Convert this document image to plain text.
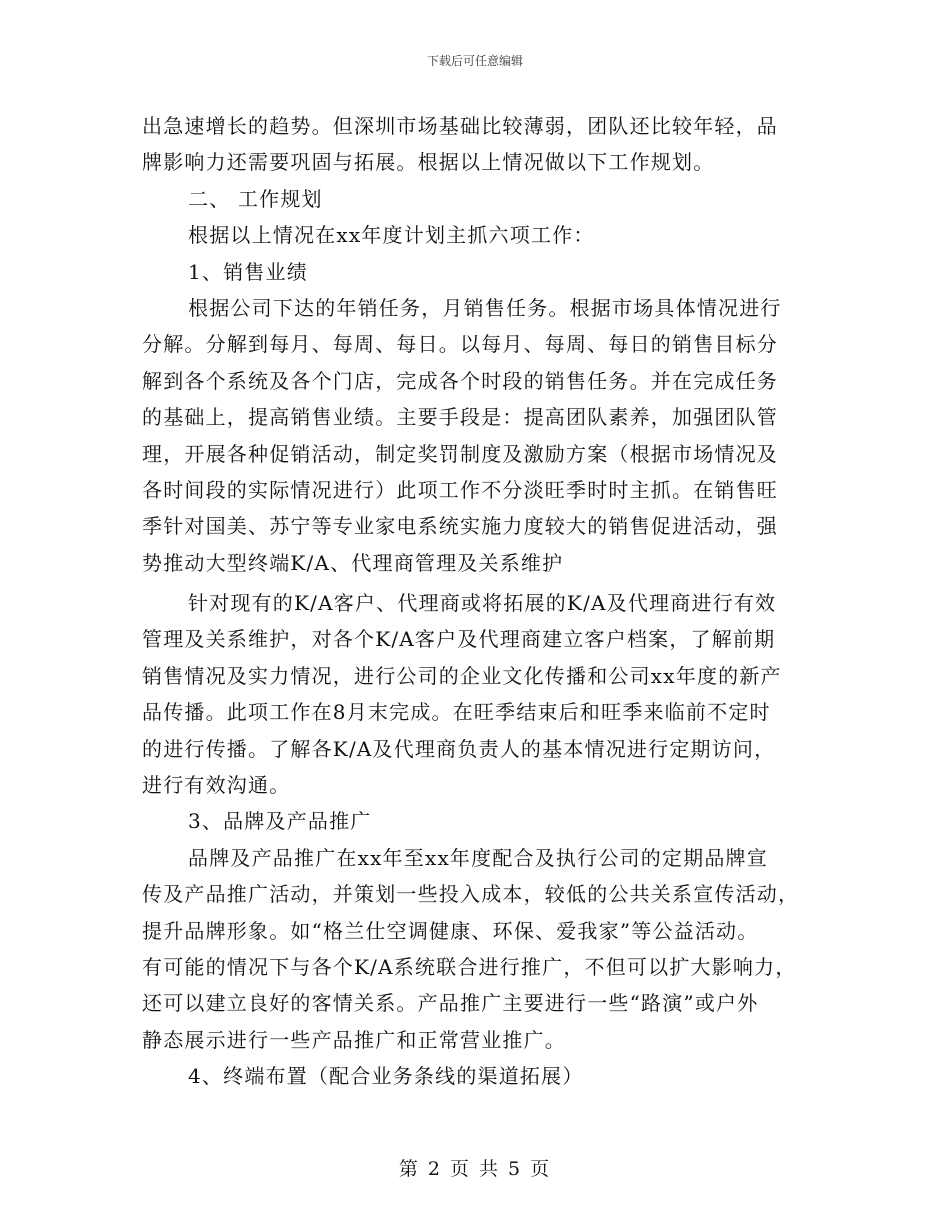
下载后可任意编辑
出急速增长的趋势。但深圳市场基础比较薄弱，团队还比较年轻，品
牌影响力还需要巩固与拓展。根据以上情况做以下工作规划。
二、 工作规划
根据以上情况在xx年度计划主抓六项工作：
1、销售业绩
根据公司下达的年销任务，月销售任务。根据市场具体情况进行
分解。分解到每月、每周、每日。以每月、每周、每日的销售目标分
解到各个系统及各个门店，完成各个时段的销售任务。并在完成任务
的基础上，提高销售业绩。主要手段是：提高团队素养，加强团队管
理，开展各种促销活动，制定奖罚制度及激励方案（根据市场情况及
各时间段的实际情况进行）此项工作不分淡旺季时时主抓。在销售旺
季针对国美、苏宁等专业家电系统实施力度较大的销售促进活动，强
势推动大型终端K/A、代理商管理及关系维护
针对现有的K/A客户、代理商或将拓展的K/A及代理商进行有效
管理及关系维护，对各个K/A客户及代理商建立客户档案，了解前期
销售情况及实力情况，进行公司的企业文化传播和公司xx年度的新产
品传播。此项工作在8月末完成。在旺季结束后和旺季来临前不定时
的进行传播。了解各K/A及代理商负责人的基本情况进行定期访问，
进行有效沟通。
3、品牌及产品推广
品牌及产品推广在xx年至xx年度配合及执行公司的定期品牌宣
传及产品推广活动，并策划一些投入成本，较低的公共关系宣传活动，
提升品牌形象。如“格兰仕空调健康、环保、爱我家”等公益活动。
有可能的情况下与各个K/A系统联合进行推广，不但可以扩大影响力，
还可以建立良好的客情关系。产品推广主要进行一些“路演”或户外
静态展示进行一些产品推广和正常营业推广。
4、终端布置（配合业务条线的渠道拓展）
第 2 页 共 5 页
